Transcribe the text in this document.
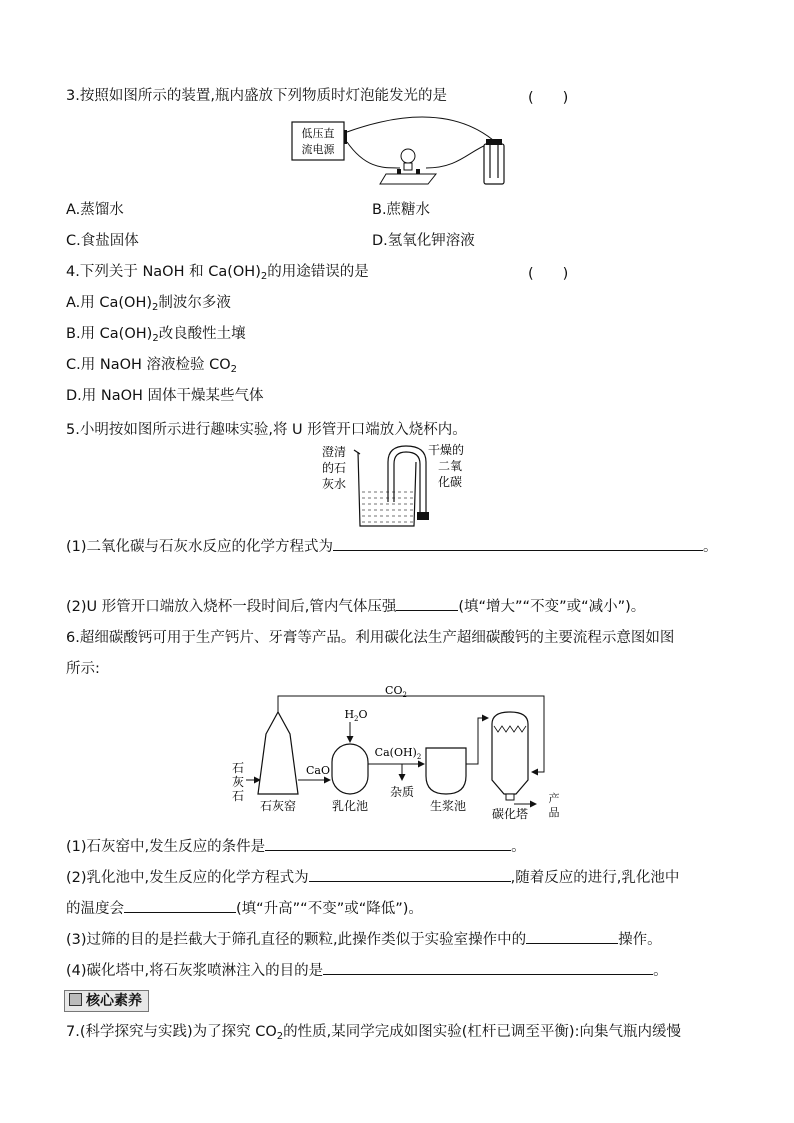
3.按照如图所示的装置,瓶内盛放下列物质时灯泡能发光的是	(　　)
低压直
流电源
A.蒸馏水	B.蔗糖水
C.食盐固体	D.氢氧化钾溶液
4.下列关于 NaOH 和 $Ca(OH)_2$的用途错误的是	(　　)
A.用 $Ca(OH)_2$制波尔多液
B.用 $Ca(OH)_2$改良酸性土壤
C.用 NaOH 溶液检验 $CO_2$
D.用 NaOH 固体干燥某些气体
5.小明按如图所示进行趣味实验,将 U 形管开口端放入烧杯内。
澄清
的石
灰水
干燥的
二氧
化碳
(1)二氧化碳与石灰水反应的化学方程式为	。
(2)U 形管开口端放入烧杯一段时间后,管内气体压强	(填“增大”“不变”或“减小”)。
6.超细碳酸钙可用于生产钙片、牙膏等产品。利用碳化法生产超细碳酸钙的主要流程示意图如图
所示:
$CO_2$
石
灰
石
石灰窑
CaO
乳化池
$H_2O$
$Ca(OH)_2$
杂质
生浆池
碳化塔
产
品
(1)石灰窑中,发生反应的条件是	。
(2)乳化池中,发生反应的化学方程式为	,随着反应的进行,乳化池中
的温度会	(填“升高”“不变”或“降低”)。
(3)过筛的目的是拦截大于筛孔直径的颗粒,此操作类似于实验室操作中的	操作。
(4)碳化塔中,将石灰浆喷淋注入的目的是	。
核心素养
7.(科学探究与实践)为了探究 $CO_2$的性质,某同学完成如图实验(杠杆已调至平衡):向集气瓶内缓慢
